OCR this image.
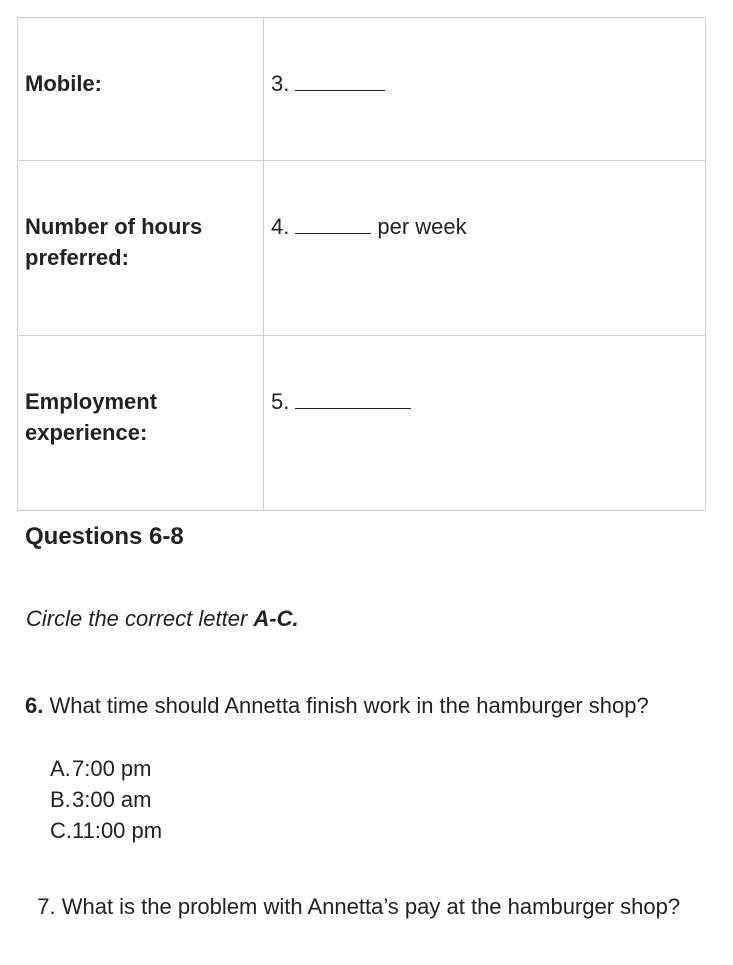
Mobile:	3.
Number of hours preferred:	4. per week
Employment experience:	5.
Questions 6-8

Circle the correct letter A-C.

6. What time should Annetta finish work in the hamburger shop?

A.7:00 pm
B.3:00 am
C.11:00 pm

7. What is the problem with Annetta’s pay at the hamburger shop?
